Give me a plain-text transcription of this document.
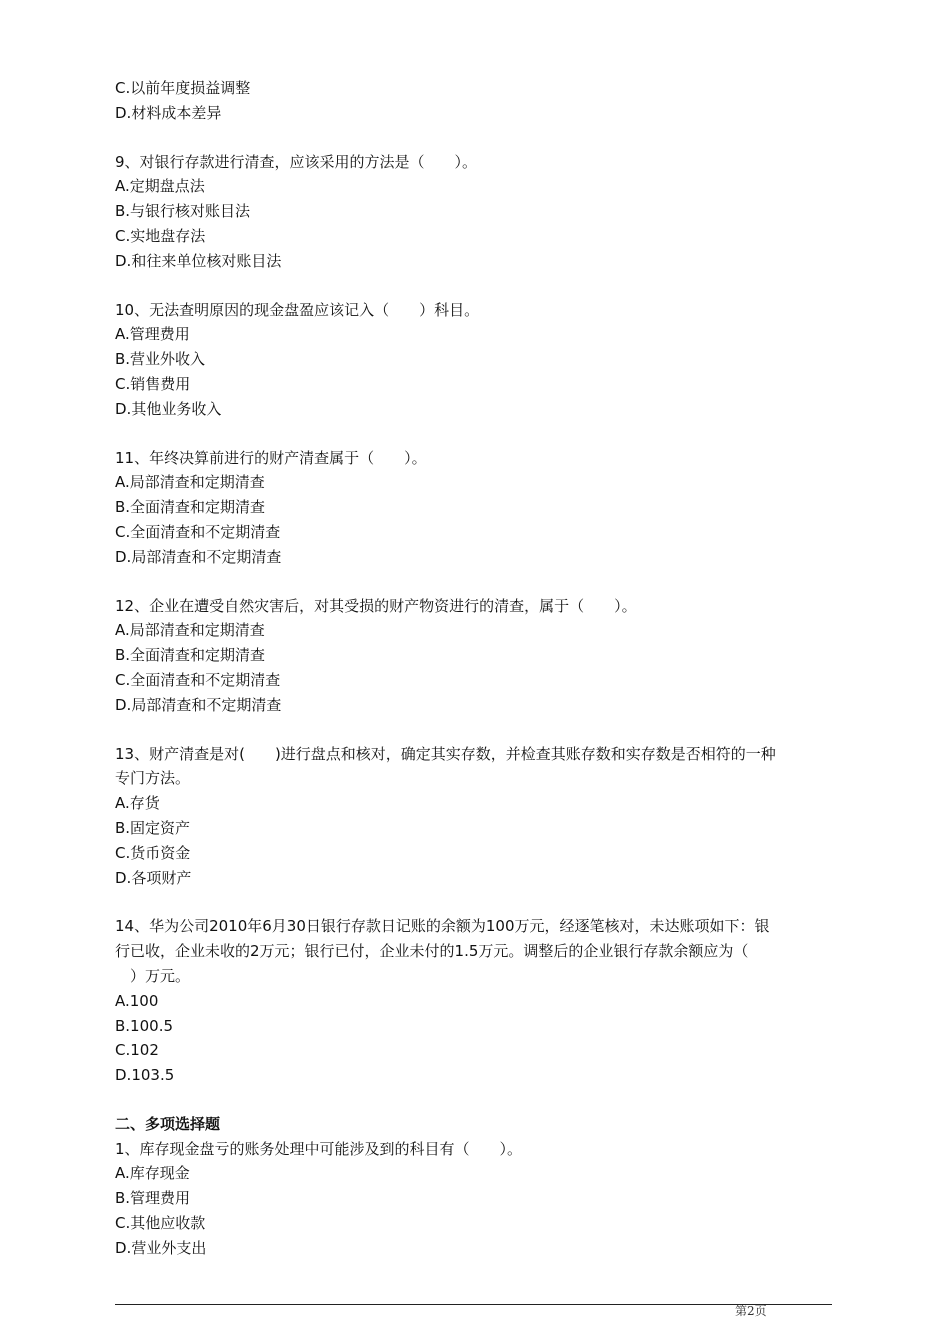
C.以前年度损益调整

D.材料成本差异

9、对银行存款进行清查，应该采用的方法是（　　）。

A.定期盘点法

B.与银行核对账目法

C.实地盘存法

D.和往来单位核对账目法

10、无法查明原因的现金盘盈应该记入（　　）科目。

A.管理费用

B.营业外收入

C.销售费用

D.其他业务收入

11、年终决算前进行的财产清查属于（　　）。

A.局部清查和定期清查

B.全面清查和定期清查

C.全面清查和不定期清查

D.局部清查和不定期清查

12、企业在遭受自然灾害后，对其受损的财产物资进行的清查，属于（　　）。

A.局部清查和定期清查

B.全面清查和定期清查

C.全面清查和不定期清查

D.局部清查和不定期清查

13、财产清查是对(　　)进行盘点和核对，确定其实存数，并检查其账存数和实存数是否相符的一种

专门方法。

A.存货

B.固定资产

C.货币资金

D.各项财产

14、华为公司2010年6月30日银行存款日记账的余额为100万元，经逐笔核对，未达账项如下：银

行已收，企业未收的2万元；银行已付，企业未付的1.5万元。调整后的企业银行存款余额应为（

　）万元。

A.100

B.100.5

C.102

D.103.5

二、多项选择题

1、库存现金盘亏的账务处理中可能涉及到的科目有（　　）。

A.库存现金

B.管理费用

C.其他应收款

D.营业外支出

第2页
